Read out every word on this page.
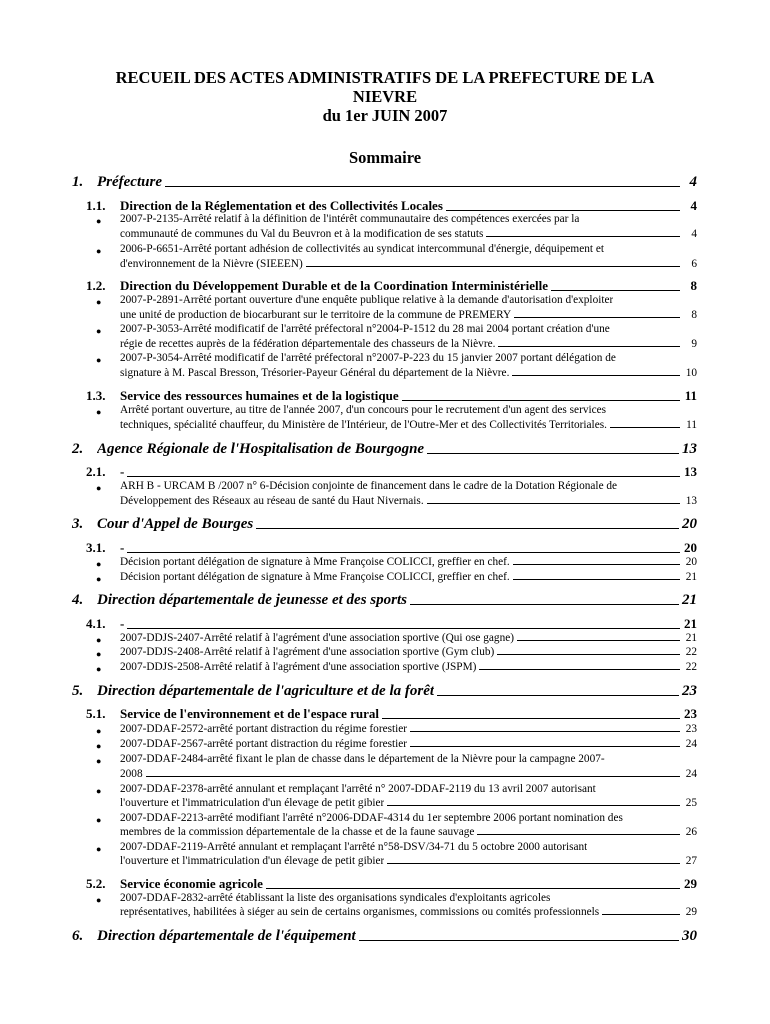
RECUEIL DES ACTES ADMINISTRATIFS DE LA PREFECTURE DE LA
NIEVRE
du 1er JUIN 2007
Sommaire
1. Préfecture	4
1.1.	Direction de la Réglementation et des Collectivités Locales	4
● 2007-P-2135-Arrêté relatif à la définition de l'intérêt communautaire des compétences exercées par la
communauté de communes du Val du Beuvron et à la modification de ses statuts	4
● 2006-P-6651-Arrêté portant adhésion de collectivités au syndicat intercommunal d'énergie, déquipement et
d'environnement de la Nièvre (SIEEEN)	6
1.2.	Direction du Développement Durable et de la Coordination Interministérielle	8
● 2007-P-2891-Arrêté portant ouverture d'une enquête publique relative à la demande d'autorisation d'exploiter
une unité de production de biocarburant sur le territoire de la commune de PREMERY	8
● 2007-P-3053-Arrêté modificatif de l'arrêté préfectoral n°2004-P-1512 du 28 mai 2004 portant création d'une
régie de recettes auprès de la fédération départementale des chasseurs de la Nièvre.	9
● 2007-P-3054-Arrêté modificatif de l'arrêté préfectoral n°2007-P-223 du 15 janvier 2007 portant délégation de
signature à M. Pascal Bresson, Trésorier-Payeur Général du département de la Nièvre.	10
1.3.	Service des ressources humaines et de la logistique	11
● Arrêté portant ouverture, au titre de l'année 2007, d'un concours pour le recrutement d'un agent des services
techniques, spécialité chauffeur, du Ministère de l'Intérieur, de l'Outre-Mer et des Collectivités Territoriales.	11
2. Agence Régionale de l'Hospitalisation de Bourgogne	13
2.1.	-	13
● ARH B - URCAM B /2007 n° 6-Décision conjointe de financement dans le cadre de la Dotation Régionale de
Développement des Réseaux au réseau de santé du Haut Nivernais.	13
3. Cour d'Appel de Bourges	20
3.1.	-	20
● Décision portant délégation de signature à Mme Françoise COLICCI, greffier en chef.	20
● Décision portant délégation de signature à Mme Françoise COLICCI, greffier en chef.	21
4. Direction départementale de jeunesse et des sports	21
4.1.	-	21
● 2007-DDJS-2407-Arrêté relatif à l'agrément d'une association sportive (Qui ose gagne)	21
● 2007-DDJS-2408-Arrêté relatif à l'agrément d'une association sportive (Gym club)	22
● 2007-DDJS-2508-Arrêté relatif à l'agrément d'une association sportive (JSPM)	22
5. Direction départementale de l'agriculture et de la forêt	23
5.1.	Service de l'environnement et de l'espace rural	23
● 2007-DDAF-2572-arrêté portant distraction du régime forestier	23
● 2007-DDAF-2567-arrêté portant distraction du régime forestier	24
● 2007-DDAF-2484-arrêté fixant le plan de chasse dans le département de la Nièvre pour la campagne 2007-
2008	24
● 2007-DDAF-2378-arrêté annulant et remplaçant l'arrêté n° 2007-DDAF-2119 du 13 avril 2007 autorisant
l'ouverture et l'immatriculation d'un élevage de petit gibier	25
● 2007-DDAF-2213-arrêté modifiant l'arrêté n°2006-DDAF-4314 du 1er septembre 2006 portant nomination des
membres de la commission départementale de la chasse et de la faune sauvage	26
● 2007-DDAF-2119-Arrêté annulant et remplaçant l'arrêté n°58-DSV/34-71 du 5 octobre 2000 autorisant
l'ouverture et l'immatriculation d'un élevage de petit gibier	27
5.2.	Service économie agricole	29
● 2007-DDAF-2832-arrêté établissant la liste des organisations syndicales d'exploitants agricoles
représentatives, habilitées à siéger au sein de certains organismes, commissions ou comités professionnels	29
6. Direction départementale de l'équipement	30
